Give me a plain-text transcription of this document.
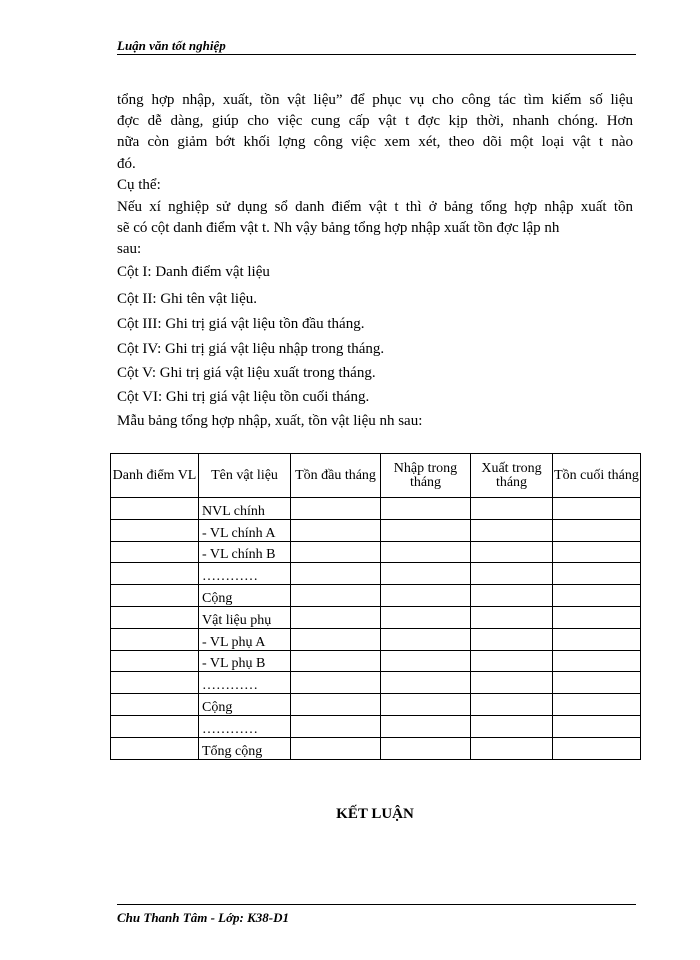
Luận văn tốt nghiệp
tổng hợp nhập, xuất, tồn vật liệu” để phục vụ cho công tác tìm kiếm số liệu
đợc dễ dàng, giúp cho việc cung cấp vật t đợc kịp thời, nhanh chóng. Hơn
nữa còn giảm bớt khối lợng công việc xem xét, theo dõi một loại vật t nào
đó.
Cụ thể:
Nếu xí nghiệp sử dụng sổ danh điểm vật t thì ở bảng tổng hợp nhập xuất tồn
sẽ có cột danh điểm vật t. Nh vậy bảng tổng hợp nhập xuất tồn đợc lập nh
sau:
Cột I: Danh điểm vật liệu
Cột II: Ghi tên vật liệu.
Cột III: Ghi trị giá vật liệu tồn đầu tháng.
Cột IV: Ghi trị giá vật liệu nhập trong tháng.
Cột V: Ghi trị giá vật liệu xuất trong tháng.
Cột VI: Ghi trị giá vật liệu tồn cuối tháng.
Mẫu bảng tổng hợp nhập, xuất, tồn vật liệu nh sau:
Danh điểm VL	Tên vật liệu	Tồn đầu tháng	Nhập trong tháng	Xuất trong tháng	Tồn cuối tháng
	NVL chính				
	- VL chính A				
	- VL chính B				
	…………				
	Cộng				
	Vật liệu phụ				
	- VL phụ A				
	- VL phụ B				
	…………				
	Cộng				
	…………				
	Tổng cộng				
KẾT LUẬN
Chu Thanh Tâm - Lớp: K38-D1
